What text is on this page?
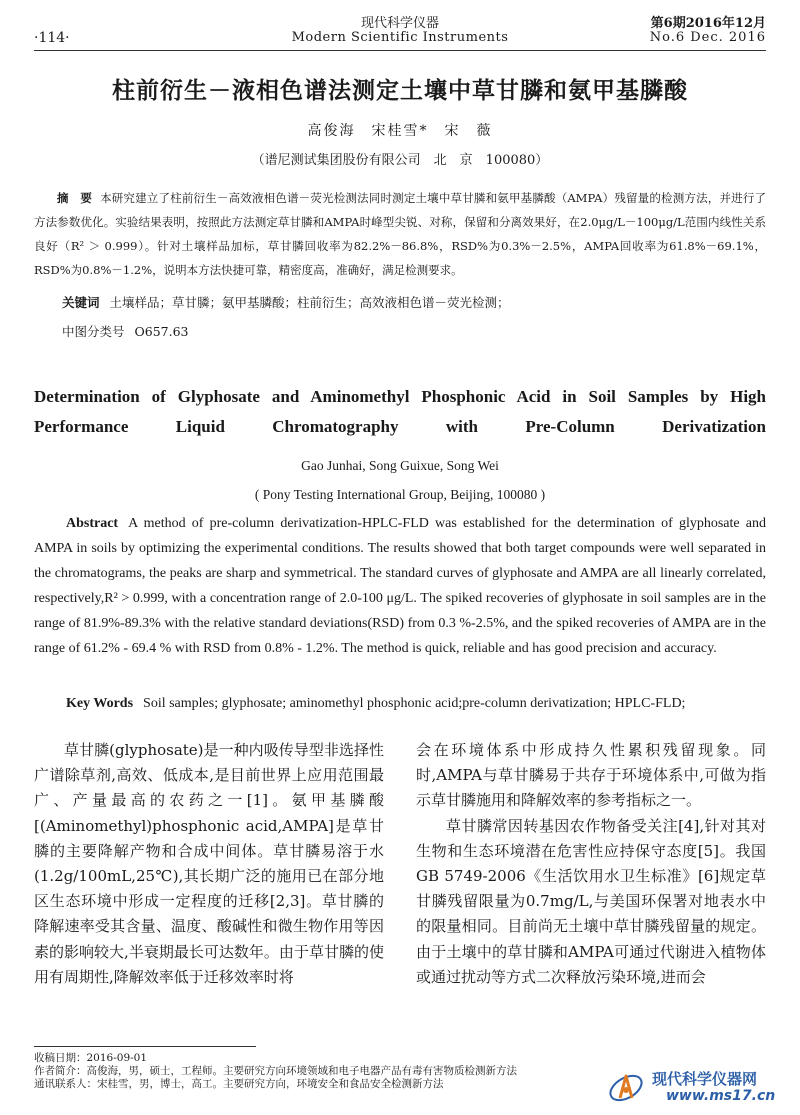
·114·
现代科学仪器
Modern Scientific Instruments
第6期2016年12月
No.6 Dec. 2016
柱前衍生－液相色谱法测定土壤中草甘膦和氨甲基膦酸
高俊海　宋桂雪*　宋　薇
（谱尼测试集团股份有限公司　北　京　100080）
摘　要 本研究建立了柱前衍生－高效液相色谱－荧光检测法同时测定土壤中草甘膦和氨甲基膦酸（AMPA）残留量的检测方法，并进行了方法参数优化。实验结果表明，按照此方法测定草甘膦和AMPA时峰型尖锐、对称，保留和分离效果好，在2.0μg/L－100μg/L范围内线性关系良好（R² ＞ 0.999）。针对土壤样品加标，草甘膦回收率为82.2%－86.8%，RSD%为0.3%－2.5%，AMPA回收率为61.8%－69.1%，RSD%为0.8%－1.2%，说明本方法快捷可靠，精密度高，准确好，满足检测要求。
关键词 土壤样品；草甘膦；氨甲基膦酸；柱前衍生；高效液相色谱－荧光检测；
中图分类号 O657.63
Determination of Glyphosate and Aminomethyl Phosphonic Acid in Soil Samples by High Performance Liquid Chromatography with Pre-Column Derivatization
Gao Junhai, Song Guixue, Song Wei
( Pony Testing International Group, Beijing, 100080 )
Abstract A method of pre-column derivatization-HPLC-FLD was established for the determination of glyphosate and AMPA in soils by optimizing the experimental conditions. The results showed that both target compounds were well separated in the chromatograms, the peaks are sharp and symmetrical. The standard curves of glyphosate and AMPA are all linearly correlated, respectively,R² > 0.999, with a concentration range of 2.0-100 μg/L. The spiked recoveries of glyphosate in soil samples are in the range of 81.9%-89.3% with the relative standard deviations(RSD) from 0.3 %-2.5%, and the spiked recoveries of AMPA are in the range of 61.2% - 69.4 % with RSD from 0.8% - 1.2%. The method is quick, reliable and has good precision and accuracy.
Key Words Soil samples; glyphosate; aminomethyl phosphonic acid;pre-column derivatization; HPLC-FLD;

草甘膦(glyphosate)是一种内吸传导型非选择性广谱除草剂,高效、低成本,是目前世界上应用范围最广、产量最高的农药之一[1]。氨甲基膦酸[(Aminomethyl)phosphonic acid,AMPA]是草甘膦的主要降解产物和合成中间体。草甘膦易溶于水(1.2g/100mL,25℃),其长期广泛的施用已在部分地区生态环境中形成一定程度的迁移[2,3]。草甘膦的降解速率受其含量、温度、酸碱性和微生物作用等因素的影响较大,半衰期最长可达数年。由于草甘膦的使用有周期性,降解效率低于迁移效率时将

会在环境体系中形成持久性累积残留现象。同时,AMPA与草甘膦易于共存于环境体系中,可做为指示草甘膦施用和降解效率的参考指标之一。

草甘膦常因转基因农作物备受关注[4],针对其对生物和生态环境潜在危害性应持保守态度[5]。我国GB 5749-2006《生活饮用水卫生标准》[6]规定草甘膦残留限量为0.7mg/L,与美国环保署对地表水中的限量相同。目前尚无土壤中草甘膦残留量的规定。由于土壤中的草甘膦和AMPA可通过代谢进入植物体或通过扰动等方式二次释放污染环境,进而会

收稿日期：2016-09-01
作者简介：高俊海，男，硕士，工程师。主要研究方向环境领域和电子电器产品有毒有害物质检测新方法
通讯联系人：宋桂雪，男，博士，高工。主要研究方向，环境安全和食品安全检测新方法	现代科学仪器网
www.ms17.cn
